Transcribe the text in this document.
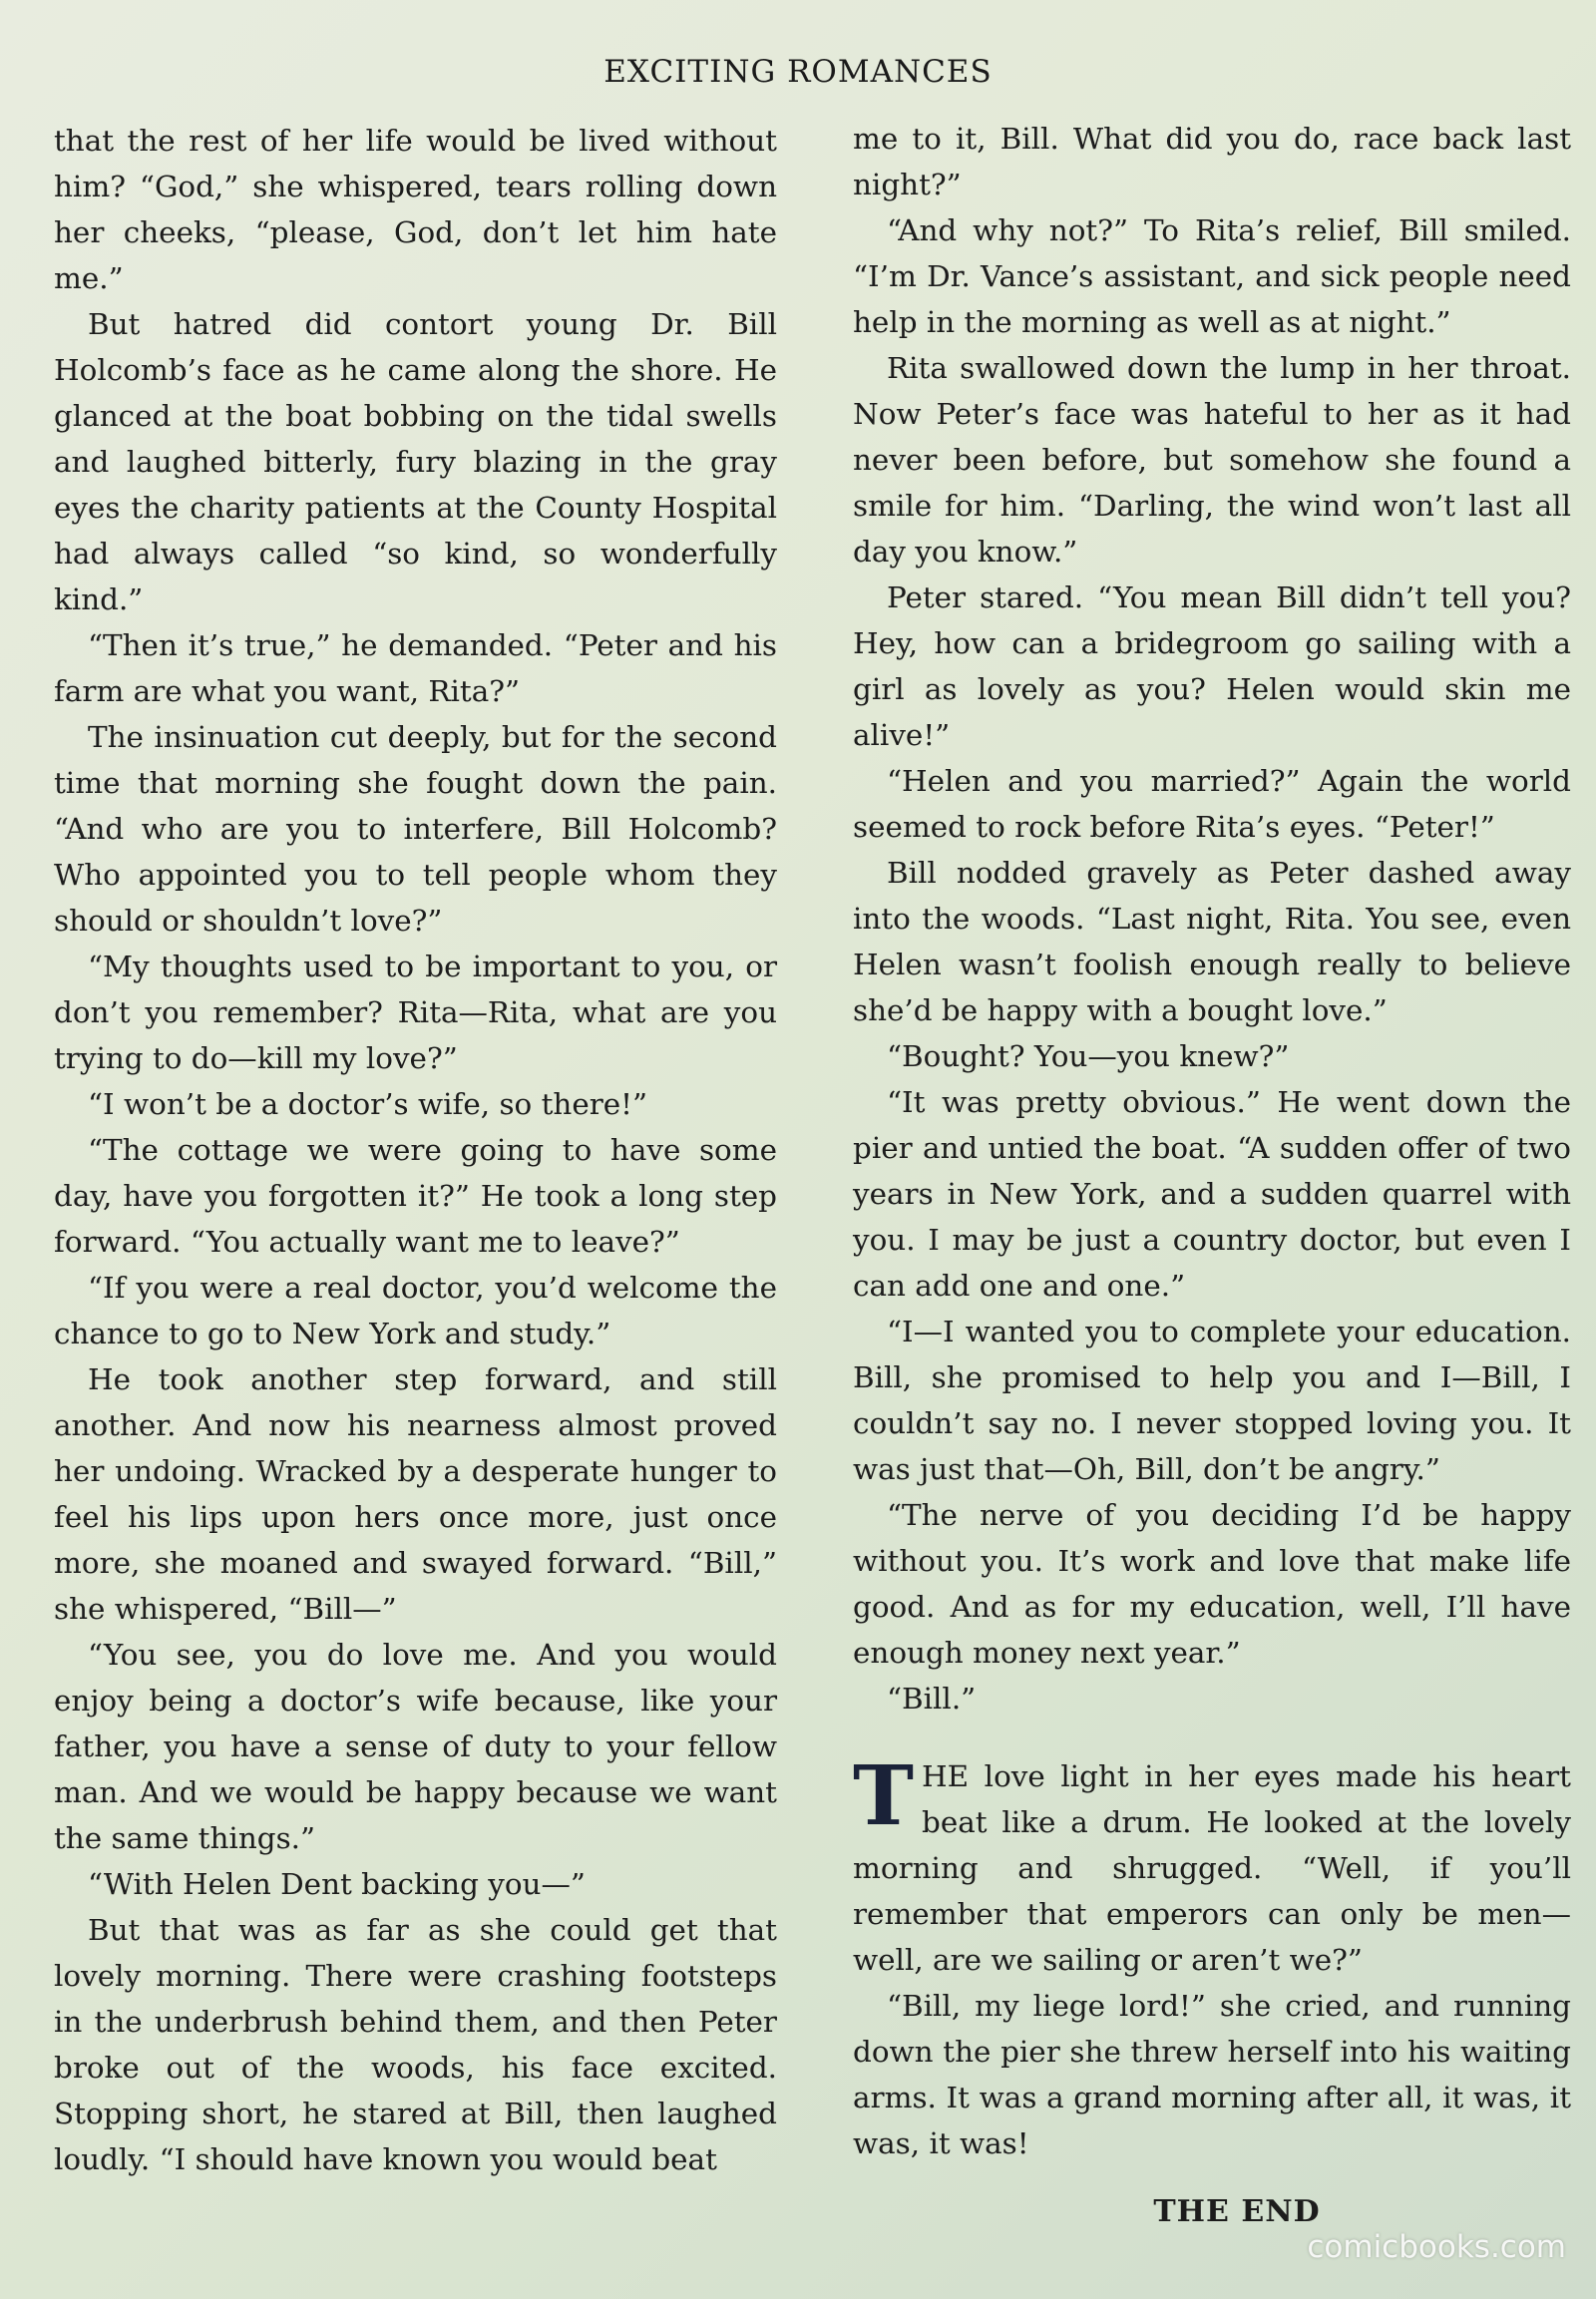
EXCITING ROMANCES

that the rest of her life would be lived without him? “God,” she whispered, tears rolling down her cheeks, “please, God, don’t let him hate me.”

But hatred did contort young Dr. Bill Holcomb’s face as he came along the shore. He glanced at the boat bobbing on the tidal swells and laughed bitterly, fury blazing in the gray eyes the charity patients at the County Hospital had always called “so kind, so wonderfully kind.”

“Then it’s true,” he demanded. “Peter and his farm are what you want, Rita?”

The insinuation cut deeply, but for the second time that morning she fought down the pain. “And who are you to interfere, Bill Holcomb? Who appointed you to tell people whom they should or shouldn’t love?”

“My thoughts used to be important to you, or don’t you remember? Rita—Rita, what are you trying to do—kill my love?”

“I won’t be a doctor’s wife, so there!”

“The cottage we were going to have some day, have you forgotten it?” He took a long step forward. “You actually want me to leave?”

“If you were a real doctor, you’d welcome the chance to go to New York and study.”

He took another step forward, and still another. And now his nearness almost proved her undoing. Wracked by a desperate hunger to feel his lips upon hers once more, just once more, she moaned and swayed forward. “Bill,” she whispered, “Bill—”

“You see, you do love me. And you would enjoy being a doctor’s wife because, like your father, you have a sense of duty to your fellow man. And we would be happy because we want the same things.”

“With Helen Dent backing you—”

But that was as far as she could get that lovely morning. There were crashing footsteps in the underbrush behind them, and then Peter broke out of the woods, his face excited. Stopping short, he stared at Bill, then laughed loudly. “I should have known you would beat

me to it, Bill. What did you do, race back last night?”

“And why not?” To Rita’s relief, Bill smiled. “I’m Dr. Vance’s assistant, and sick people need help in the morning as well as at night.”

Rita swallowed down the lump in her throat. Now Peter’s face was hateful to her as it had never been before, but somehow she found a smile for him. “Darling, the wind won’t last all day you know.”

Peter stared. “You mean Bill didn’t tell you? Hey, how can a bridegroom go sailing with a girl as lovely as you? Helen would skin me alive!”

“Helen and you married?” Again the world seemed to rock before Rita’s eyes. “Peter!”

Bill nodded gravely as Peter dashed away into the woods. “Last night, Rita. You see, even Helen wasn’t foolish enough really to believe she’d be happy with a bought love.”

“Bought? You—you knew?”

“It was pretty obvious.” He went down the pier and untied the boat. “A sudden offer of two years in New York, and a sudden quarrel with you. I may be just a country doctor, but even I can add one and one.”

“I—I wanted you to complete your education. Bill, she promised to help you and I—Bill, I couldn’t say no. I never stopped loving you. It was just that—Oh, Bill, don’t be angry.”

“The nerve of you deciding I’d be happy without you. It’s work and love that make life good. And as for my education, well, I’ll have enough money next year.”

“Bill.”

THE love light in her eyes made his heart beat like a drum. He looked at the lovely morning and shrugged. “Well, if you’ll remember that emperors can only be men—well, are we sailing or aren’t we?”

“Bill, my liege lord!” she cried, and running down the pier she threw herself into his waiting arms. It was a grand morning after all, it was, it was, it was!

THE END
comicbooks.com
